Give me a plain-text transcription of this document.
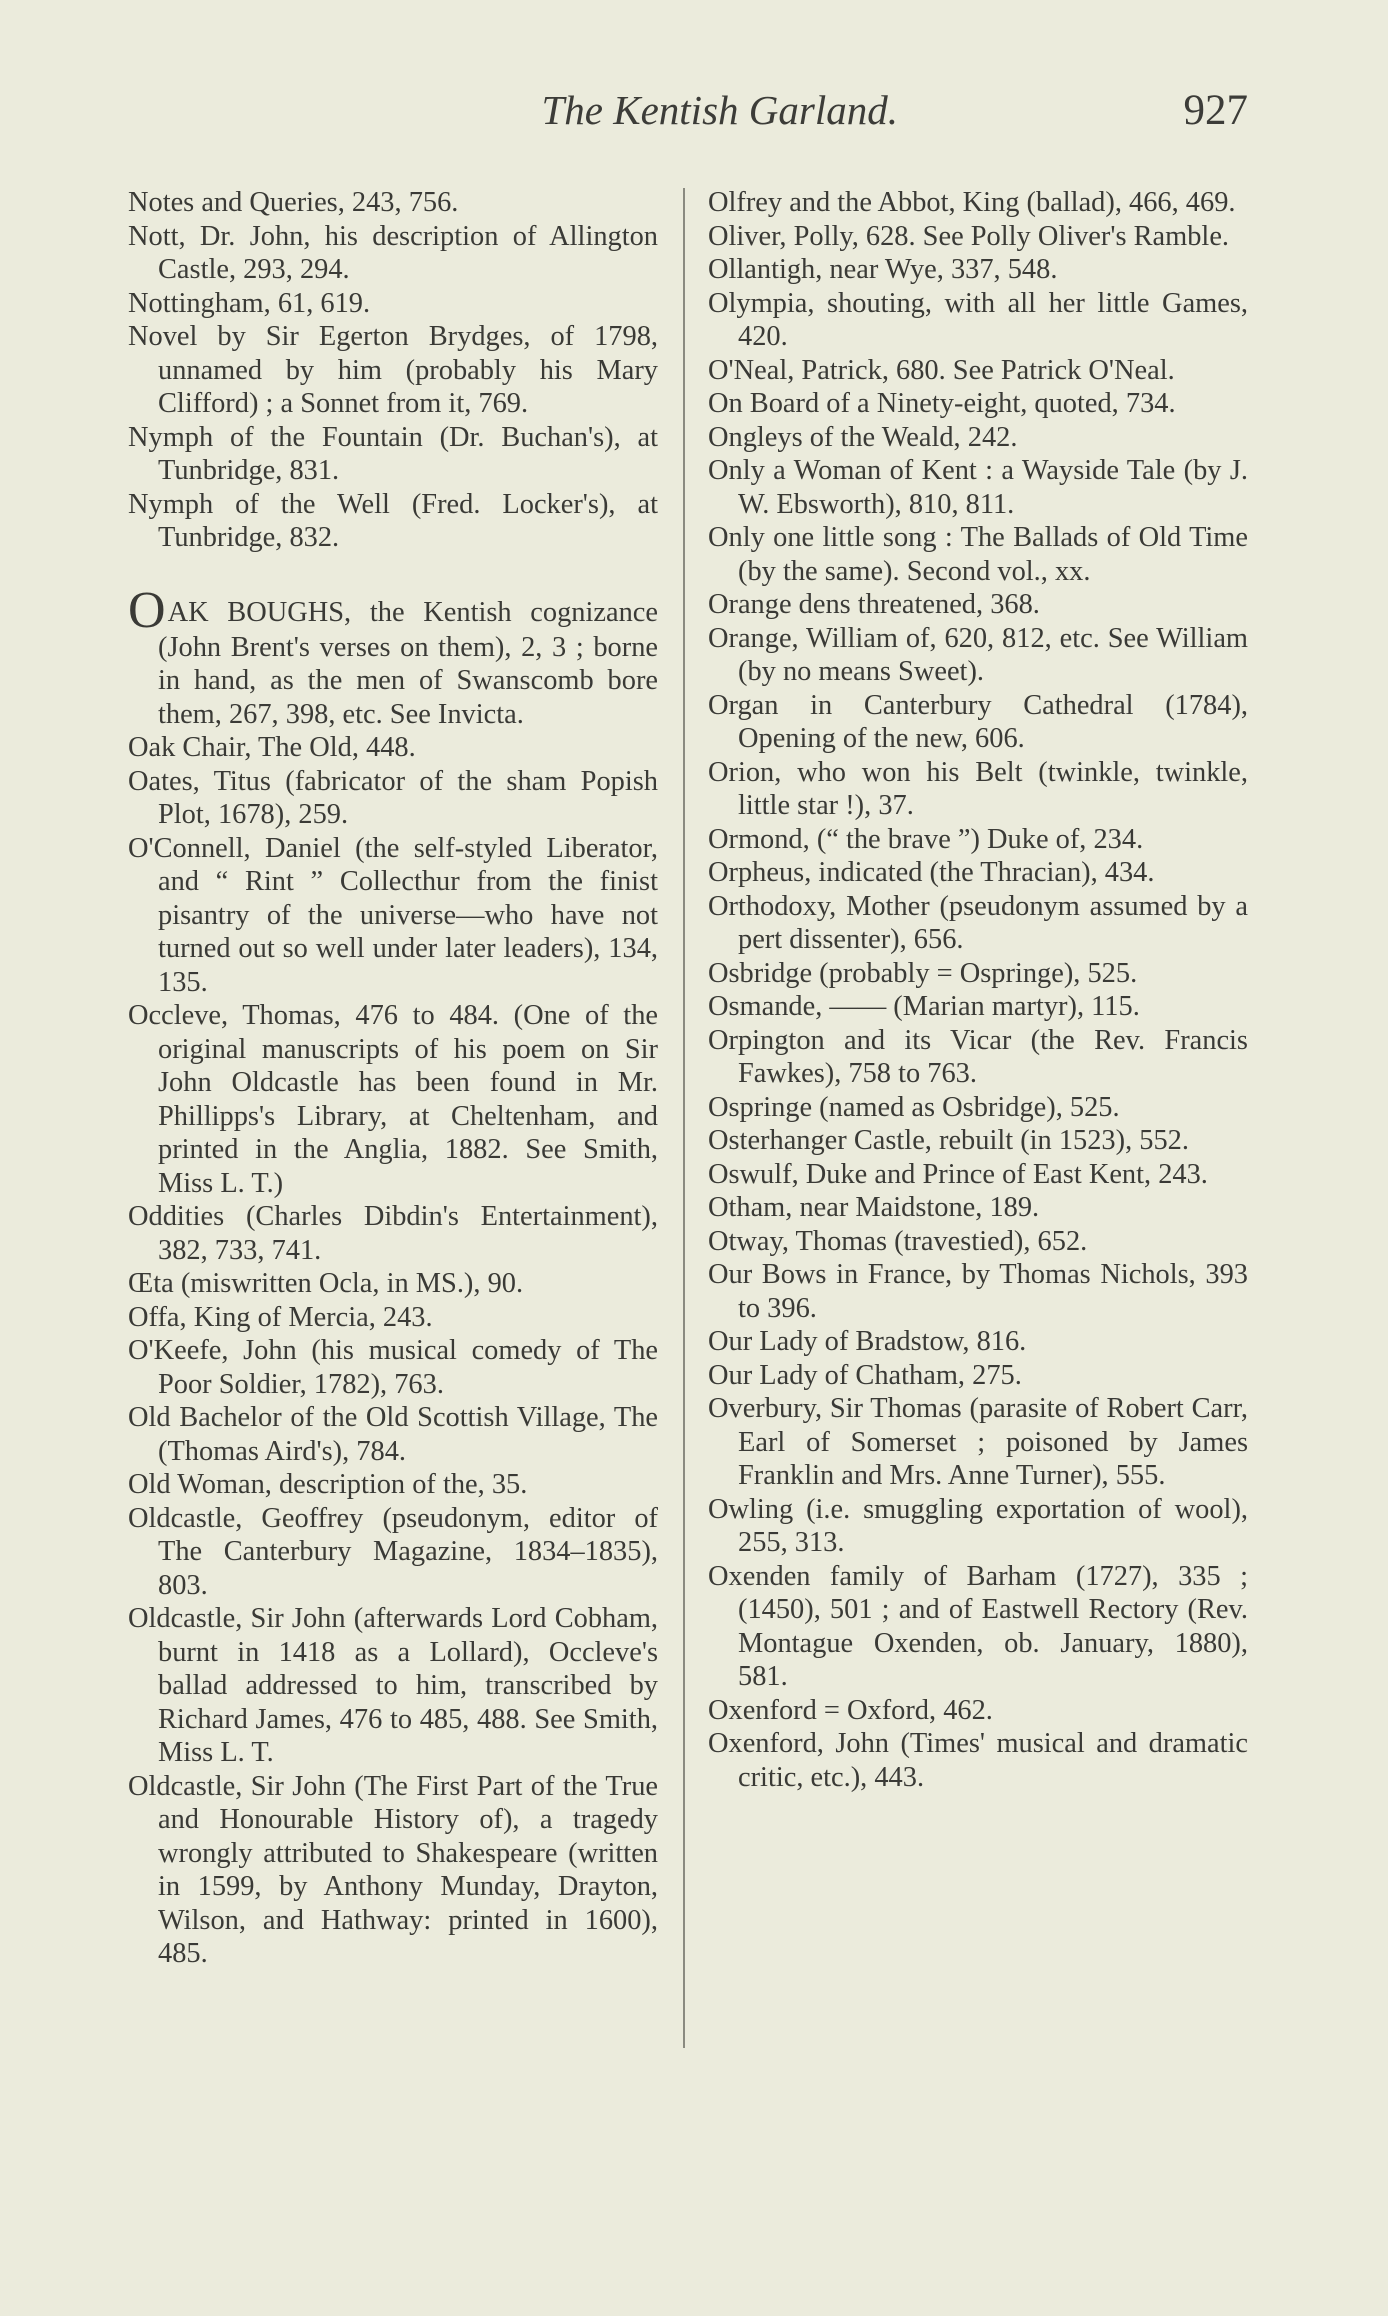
The Kentish Garland.	927
Notes and Queries, 243, 756.
Nott, Dr. John, his description of Allington Castle, 293, 294.
Nottingham, 61, 619.
Novel by Sir Egerton Brydges, of 1798, unnamed by him (probably his Mary Clifford) ; a Sonnet from it, 769.
Nymph of the Fountain (Dr. Buchan's), at Tunbridge, 831.
Nymph of the Well (Fred. Locker's), at Tunbridge, 832.
OAK BOUGHS, the Kentish cognizance (John Brent's verses on them), 2, 3 ; borne in hand, as the men of Swanscomb bore them, 267, 398, etc. See Invicta.
Oak Chair, The Old, 448.
Oates, Titus (fabricator of the sham Popish Plot, 1678), 259.
O'Connell, Daniel (the self-styled Liberator, and “ Rint ” Collecthur from the finist pisantry of the universe—who have not turned out so well under later leaders), 134, 135.
Occleve, Thomas, 476 to 484. (One of the original manuscripts of his poem on Sir John Oldcastle has been found in Mr. Phillipps's Library, at Cheltenham, and printed in the Anglia, 1882. See Smith, Miss L. T.)
Oddities (Charles Dibdin's Entertainment), 382, 733, 741.
Œta (miswritten Ocla, in MS.), 90.
Offa, King of Mercia, 243.
O'Keefe, John (his musical comedy of The Poor Soldier, 1782), 763.
Old Bachelor of the Old Scottish Village, The (Thomas Aird's), 784.
Old Woman, description of the, 35.
Oldcastle, Geoffrey (pseudonym, editor of The Canterbury Magazine, 1834–1835), 803.
Oldcastle, Sir John (afterwards Lord Cobham, burnt in 1418 as a Lollard), Occleve's ballad addressed to him, transcribed by Richard James, 476 to 485, 488. See Smith, Miss L. T.
Oldcastle, Sir John (The First Part of the True and Honourable History of), a tragedy wrongly attributed to Shakespeare (written in 1599, by Anthony Munday, Drayton, Wilson, and Hathway: printed in 1600), 485.
Olfrey and the Abbot, King (ballad), 466, 469.
Oliver, Polly, 628. See Polly Oliver's Ramble.
Ollantigh, near Wye, 337, 548.
Olympia, shouting, with all her little Games, 420.
O'Neal, Patrick, 680. See Patrick O'Neal.
On Board of a Ninety-eight, quoted, 734.
Ongleys of the Weald, 242.
Only a Woman of Kent : a Wayside Tale (by J. W. Ebsworth), 810, 811.
Only one little song : The Ballads of Old Time (by the same). Second vol., xx.
Orange dens threatened, 368.
Orange, William of, 620, 812, etc. See William (by no means Sweet).
Organ in Canterbury Cathedral (1784), Opening of the new, 606.
Orion, who won his Belt (twinkle, twinkle, little star !), 37.
Ormond, (“ the brave ”) Duke of, 234.
Orpheus, indicated (the Thracian), 434.
Orthodoxy, Mother (pseudonym assumed by a pert dissenter), 656.
Osbridge (probably = Ospringe), 525.
Osmande, —— (Marian martyr), 115.
Orpington and its Vicar (the Rev. Francis Fawkes), 758 to 763.
Ospringe (named as Osbridge), 525.
Osterhanger Castle, rebuilt (in 1523), 552.
Oswulf, Duke and Prince of East Kent, 243.
Otham, near Maidstone, 189.
Otway, Thomas (travestied), 652.
Our Bows in France, by Thomas Nichols, 393 to 396.
Our Lady of Bradstow, 816.
Our Lady of Chatham, 275.
Overbury, Sir Thomas (parasite of Robert Carr, Earl of Somerset ; poisoned by James Franklin and Mrs. Anne Turner), 555.
Owling (i.e. smuggling exportation of wool), 255, 313.
Oxenden family of Barham (1727), 335 ; (1450), 501 ; and of Eastwell Rectory (Rev. Montague Oxenden, ob. January, 1880), 581.
Oxenford = Oxford, 462.
Oxenford, John (Times' musical and dramatic critic, etc.), 443.
